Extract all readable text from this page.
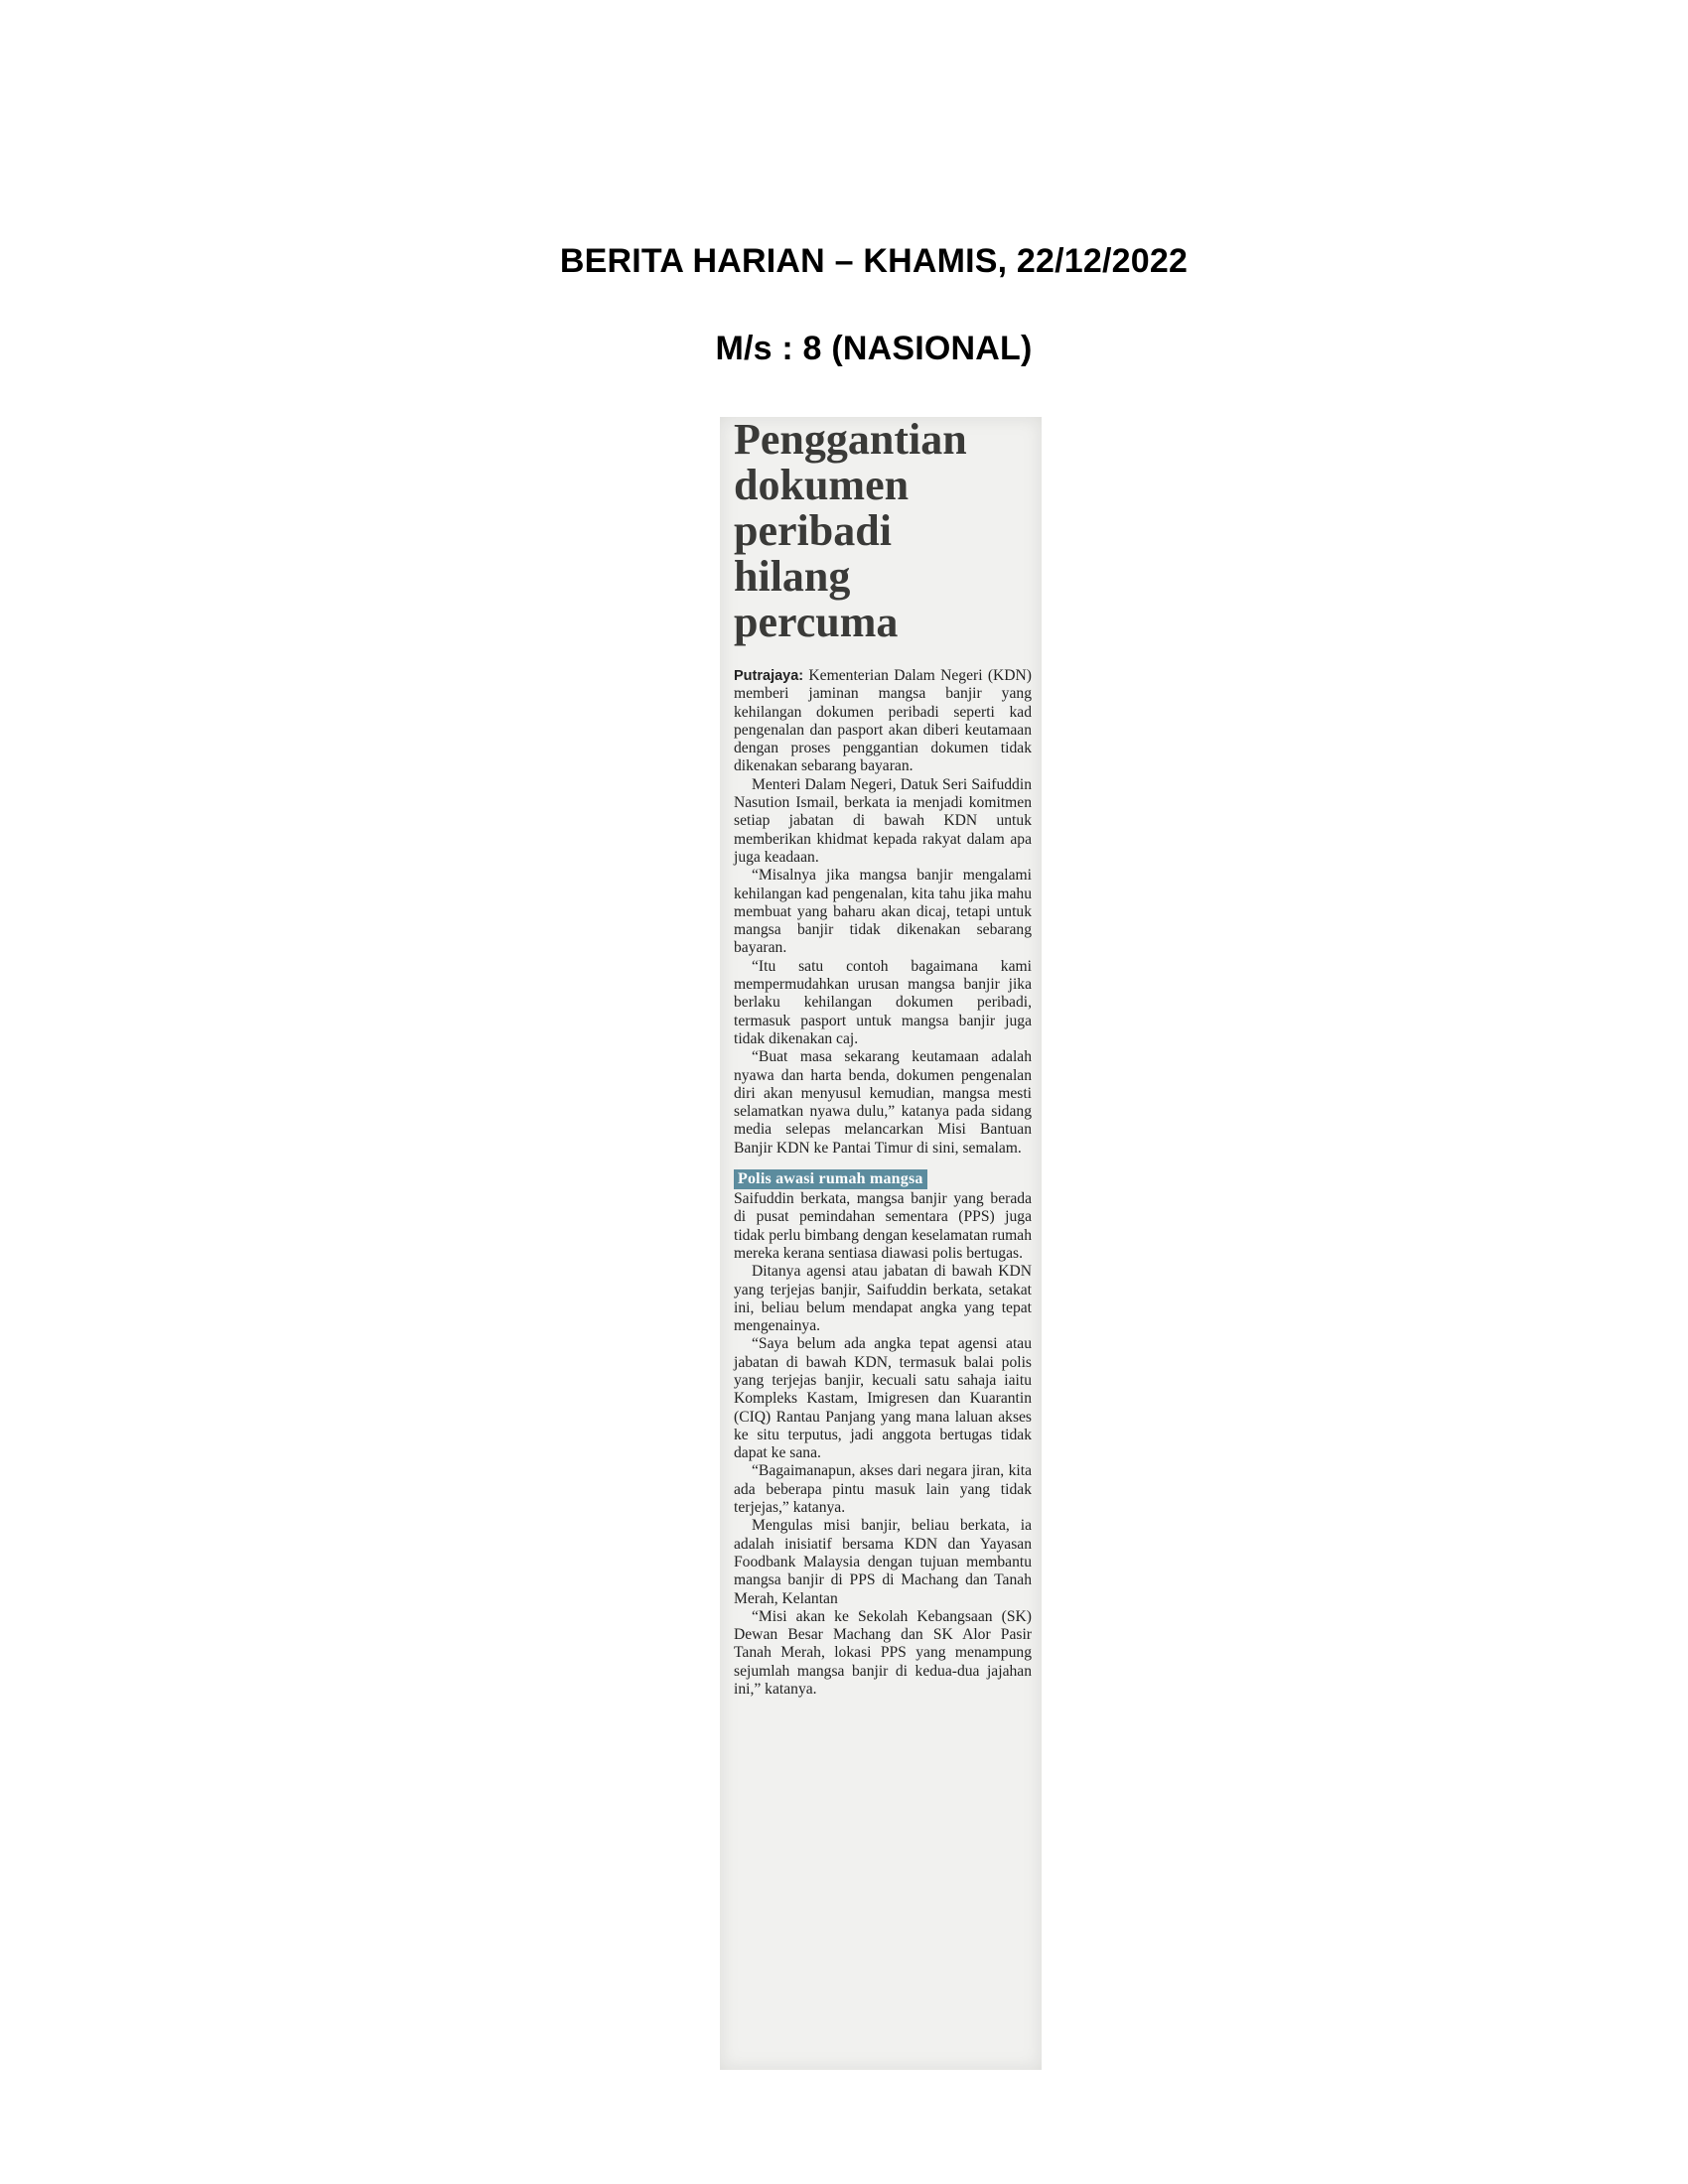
BERITA HARIAN – KHAMIS, 22/12/2022
M/s : 8 (NASIONAL)
Penggantian
dokumen
peribadi
hilang
percuma

Putrajaya: Kementerian Dalam Negeri (KDN) memberi jaminan mangsa banjir yang kehilangan dokumen peribadi seperti kad pengenalan dan pasport akan diberi keutamaan dengan proses penggantian dokumen tidak dikenakan sebarang bayaran.

Menteri Dalam Negeri, Datuk Seri Saifuddin Nasution Ismail, berkata ia menjadi komitmen setiap jabatan di bawah KDN untuk memberikan khidmat kepada rakyat dalam apa juga keadaan.

“Misalnya jika mangsa banjir mengalami kehilangan kad pengenalan, kita tahu jika mahu membuat yang baharu akan dicaj, tetapi untuk mangsa banjir tidak dikenakan sebarang bayaran.

“Itu satu contoh bagaimana kami mempermudahkan urusan mangsa banjir jika berlaku kehilangan dokumen peribadi, termasuk pasport untuk mangsa banjir juga tidak dikenakan caj.

“Buat masa sekarang keutamaan adalah nyawa dan harta benda, dokumen pengenalan diri akan menyusul kemudian, mangsa mesti selamatkan nyawa dulu,” katanya pada sidang media selepas melancarkan Misi Bantuan Banjir KDN ke Pantai Timur di sini, semalam.

Polis awasi rumah mangsa

Saifuddin berkata, mangsa banjir yang berada di pusat pemindahan sementara (PPS) juga tidak perlu bimbang dengan keselamatan rumah mereka kerana sentiasa diawasi polis bertugas.

Ditanya agensi atau jabatan di bawah KDN yang terjejas banjir, Saifuddin berkata, setakat ini, beliau belum mendapat angka yang tepat mengenainya.

“Saya belum ada angka tepat agensi atau jabatan di bawah KDN, termasuk balai polis yang terjejas banjir, kecuali satu sahaja iaitu Kompleks Kastam, Imigresen dan Kuarantin (CIQ) Rantau Panjang yang mana laluan akses ke situ terputus, jadi anggota bertugas tidak dapat ke sana.

“Bagaimanapun, akses dari negara jiran, kita ada beberapa pintu masuk lain yang tidak terjejas,” katanya.

Mengulas misi banjir, beliau berkata, ia adalah inisiatif bersama KDN dan Yayasan Foodbank Malaysia dengan tujuan membantu mangsa banjir di PPS di Machang dan Tanah Merah, Kelantan

“Misi akan ke Sekolah Kebangsaan (SK) Dewan Besar Machang dan SK Alor Pasir Tanah Merah, lokasi PPS yang menampung sejumlah mangsa banjir di kedua-dua jajahan ini,” katanya.
